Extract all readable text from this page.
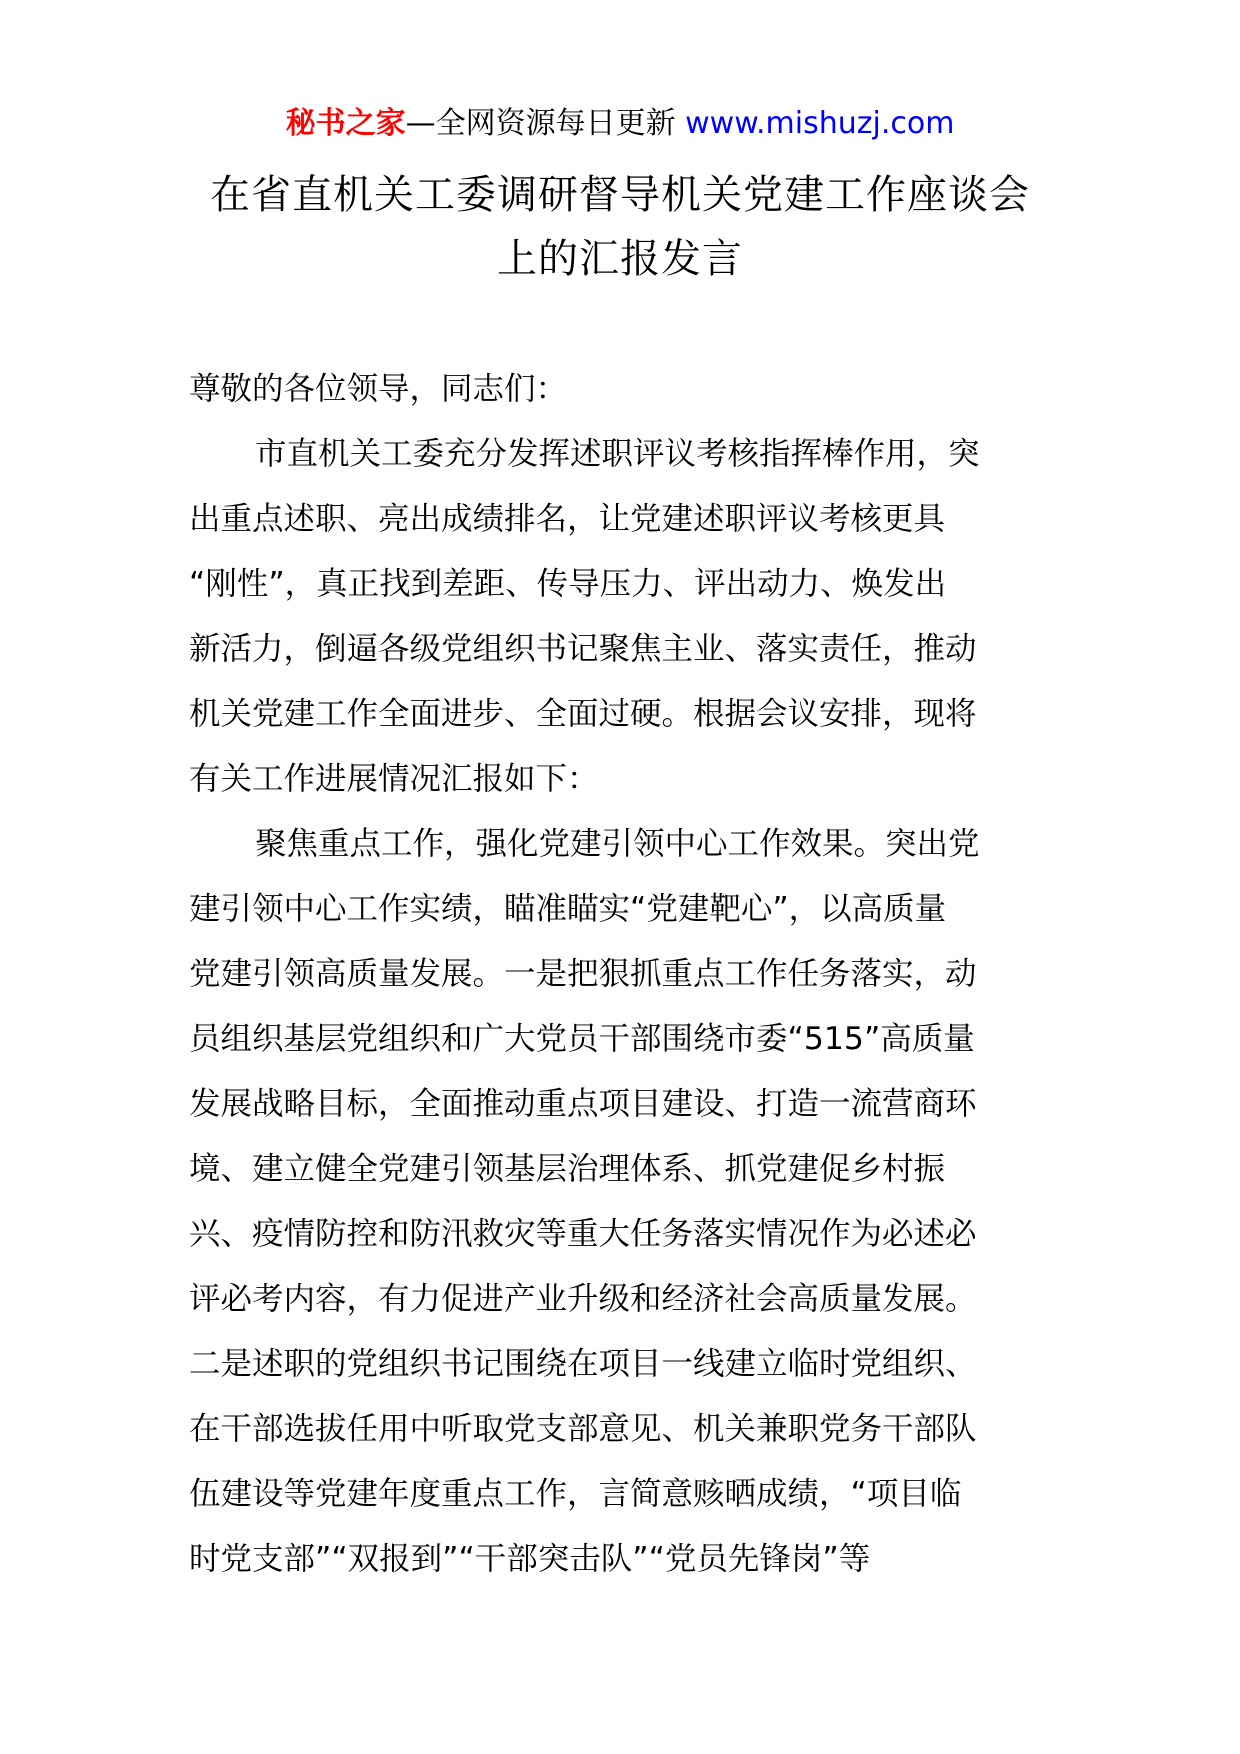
秘书之家—全网资源每日更新 www.mishuzj.com
在省直机关工委调研督导机关党建工作座谈会
上的汇报发言
尊敬的各位领导，同志们：
市直机关工委充分发挥述职评议考核指挥棒作用，突
出重点述职、亮出成绩排名，让党建述职评议考核更具
“刚性”，真正找到差距、传导压力、评出动力、焕发出
新活力，倒逼各级党组织书记聚焦主业、落实责任，推动
机关党建工作全面进步、全面过硬。根据会议安排，现将
有关工作进展情况汇报如下：
聚焦重点工作，强化党建引领中心工作效果。突出党
建引领中心工作实绩，瞄准瞄实“党建靶心”，以高质量
党建引领高质量发展。一是把狠抓重点工作任务落实，动
员组织基层党组织和广大党员干部围绕市委“515”高质量
发展战略目标，全面推动重点项目建设、打造一流营商环
境、建立健全党建引领基层治理体系、抓党建促乡村振
兴、疫情防控和防汛救灾等重大任务落实情况作为必述必
评必考内容，有力促进产业升级和经济社会高质量发展。
二是述职的党组织书记围绕在项目一线建立临时党组织、
在干部选拔任用中听取党支部意见、机关兼职党务干部队
伍建设等党建年度重点工作，言简意赅晒成绩，“项目临
时党支部”“双报到”“干部突击队”“党员先锋岗”等
